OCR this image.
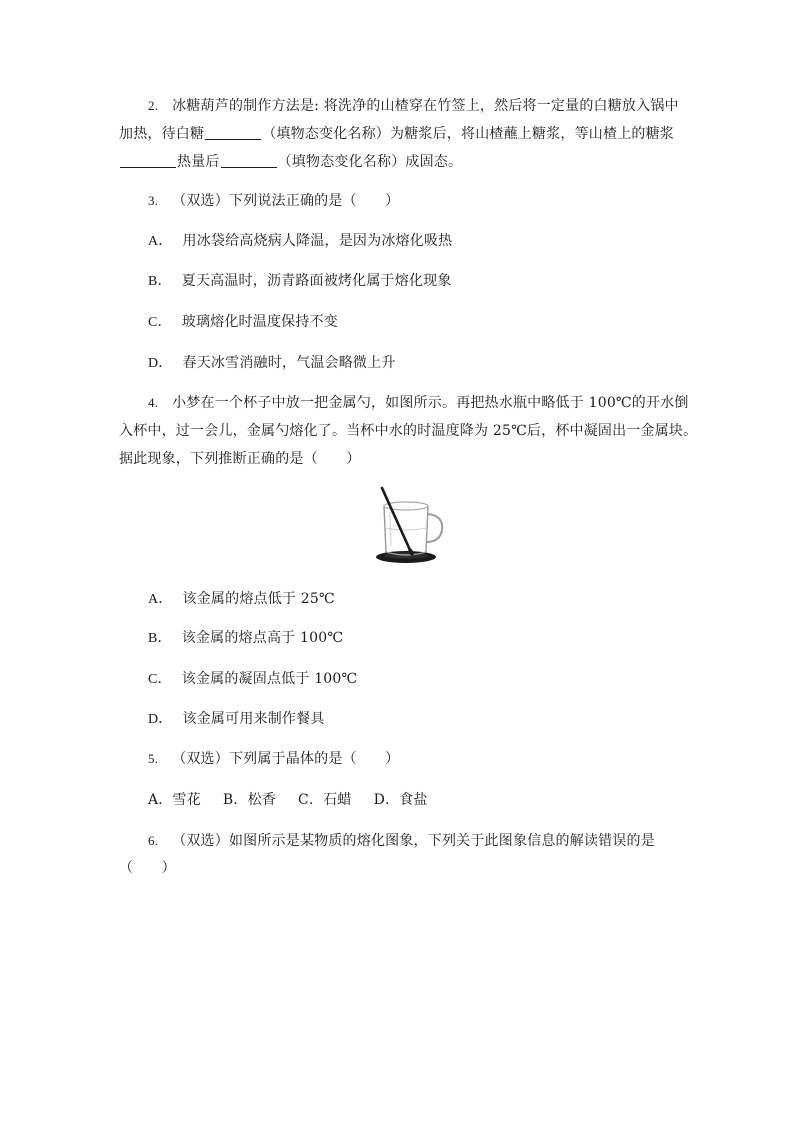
2. 冰糖葫芦的制作方法是: 将洗净的山楂穿在竹签上，然后将一定量的白糖放入锅中
加热，待白糖	（填物态变化名称）为糖浆后，将山楂蘸上糖浆，等山楂上的糖浆
热量后	（填物态变化名称）成固态。
3. （双选）下列说法正确的是（　　）
A． 用冰袋给高烧病人降温，是因为冰熔化吸热
B． 夏天高温时，沥青路面被烤化属于熔化现象
C． 玻璃熔化时温度保持不变
D． 春天冰雪消融时，气温会略微上升
4. 小梦在一个杯子中放一把金属勺，如图所示。再把热水瓶中略低于 100℃的开水倒
入杯中，过一会儿，金属勺熔化了。当杯中水的时温度降为 25℃后，杯中凝固出一金属块。
据此现象，下列推断正确的是（　　）
A． 该金属的熔点低于 25℃
B． 该金属的熔点高于 100℃
C． 该金属的凝固点低于 100℃
D． 该金属可用来制作餐具
5. （双选）下列属于晶体的是（　　）
A．雪花 B．松香 C．石蜡 D．食盐
6. （双选）如图所示是某物质的熔化图象，下列关于此图象信息的解读错误的是
（　　）
